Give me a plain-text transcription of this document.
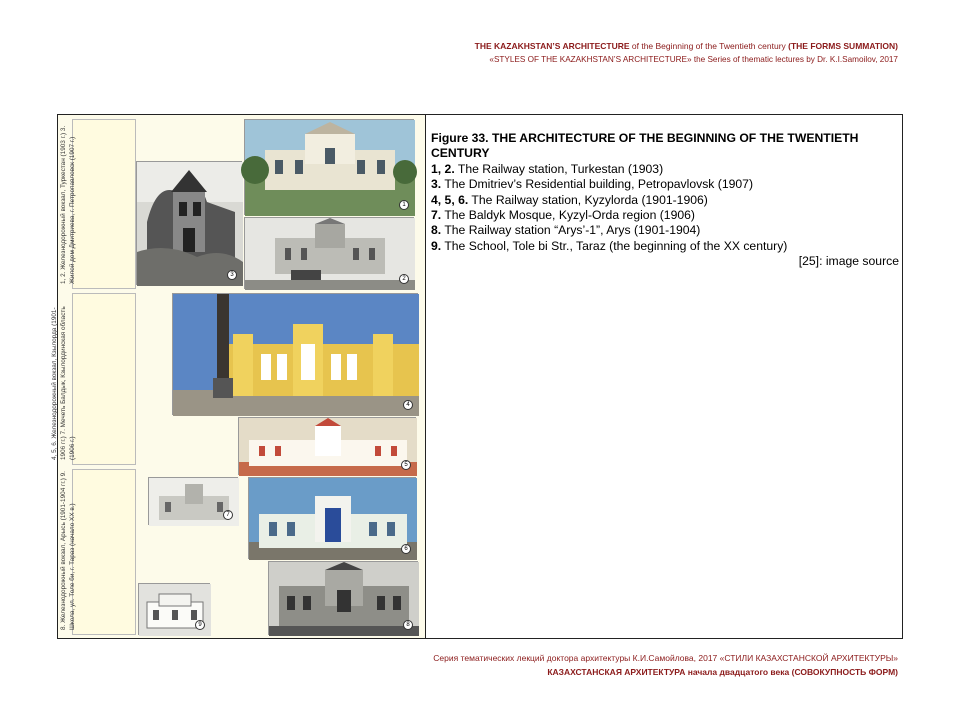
THE KAZAKHSTAN’S ARCHITECTURE of the Beginning of the Twentieth century (THE FORMS SUMMATION)
«STYLES OF THE KAZAKHSTAN’S ARCHITECTURE» the Series of thematic lectures by Dr. K.I.Samoilov, 2017
1, 2. Железнодорожный вокзал, Туркестан (1903 г.) 3. Жилой дом Дмитриева, г. Петропавловск (1907 г.)
4, 5, 6. Железнодорожный вокзал, Кзылорда (1901-1906 гг.) 7. Мечеть Балдык, Кзылординская область (1906 г.)
8. Железнодорожный вокзал, Арысь (1901-1904 гг.) 9. Школа, ул. Толе би, г. Тараз (начало XX в.)
3
1
2
4
5
7
6
8
9
Figure 33. THE ARCHITECTURE OF THE BEGINNING OF THE TWENTIETH CENTURY
1, 2. The Railway station, Turkestan (1903)
3. The Dmitriev’s Residential building, Petropavlovsk (1907)
4, 5, 6. The Railway station, Kyzylorda (1901-1906)
7. The Baldyk Mosque, Kyzyl-Orda region (1906)
8. The Railway station “Arys’-1”, Arys (1901-1904)
9. The School, Tole bi Str., Taraz (the beginning of the XX century)
[25]: image source
Серия тематических лекций доктора архитектуры К.И.Самойлова, 2017 «СТИЛИ КАЗАХСТАНСКОЙ АРХИТЕКТУРЫ»
КАЗАХСТАНСКАЯ АРХИТЕКТУРА начала двадцатого века (СОВОКУПНОСТЬ ФОРМ)
